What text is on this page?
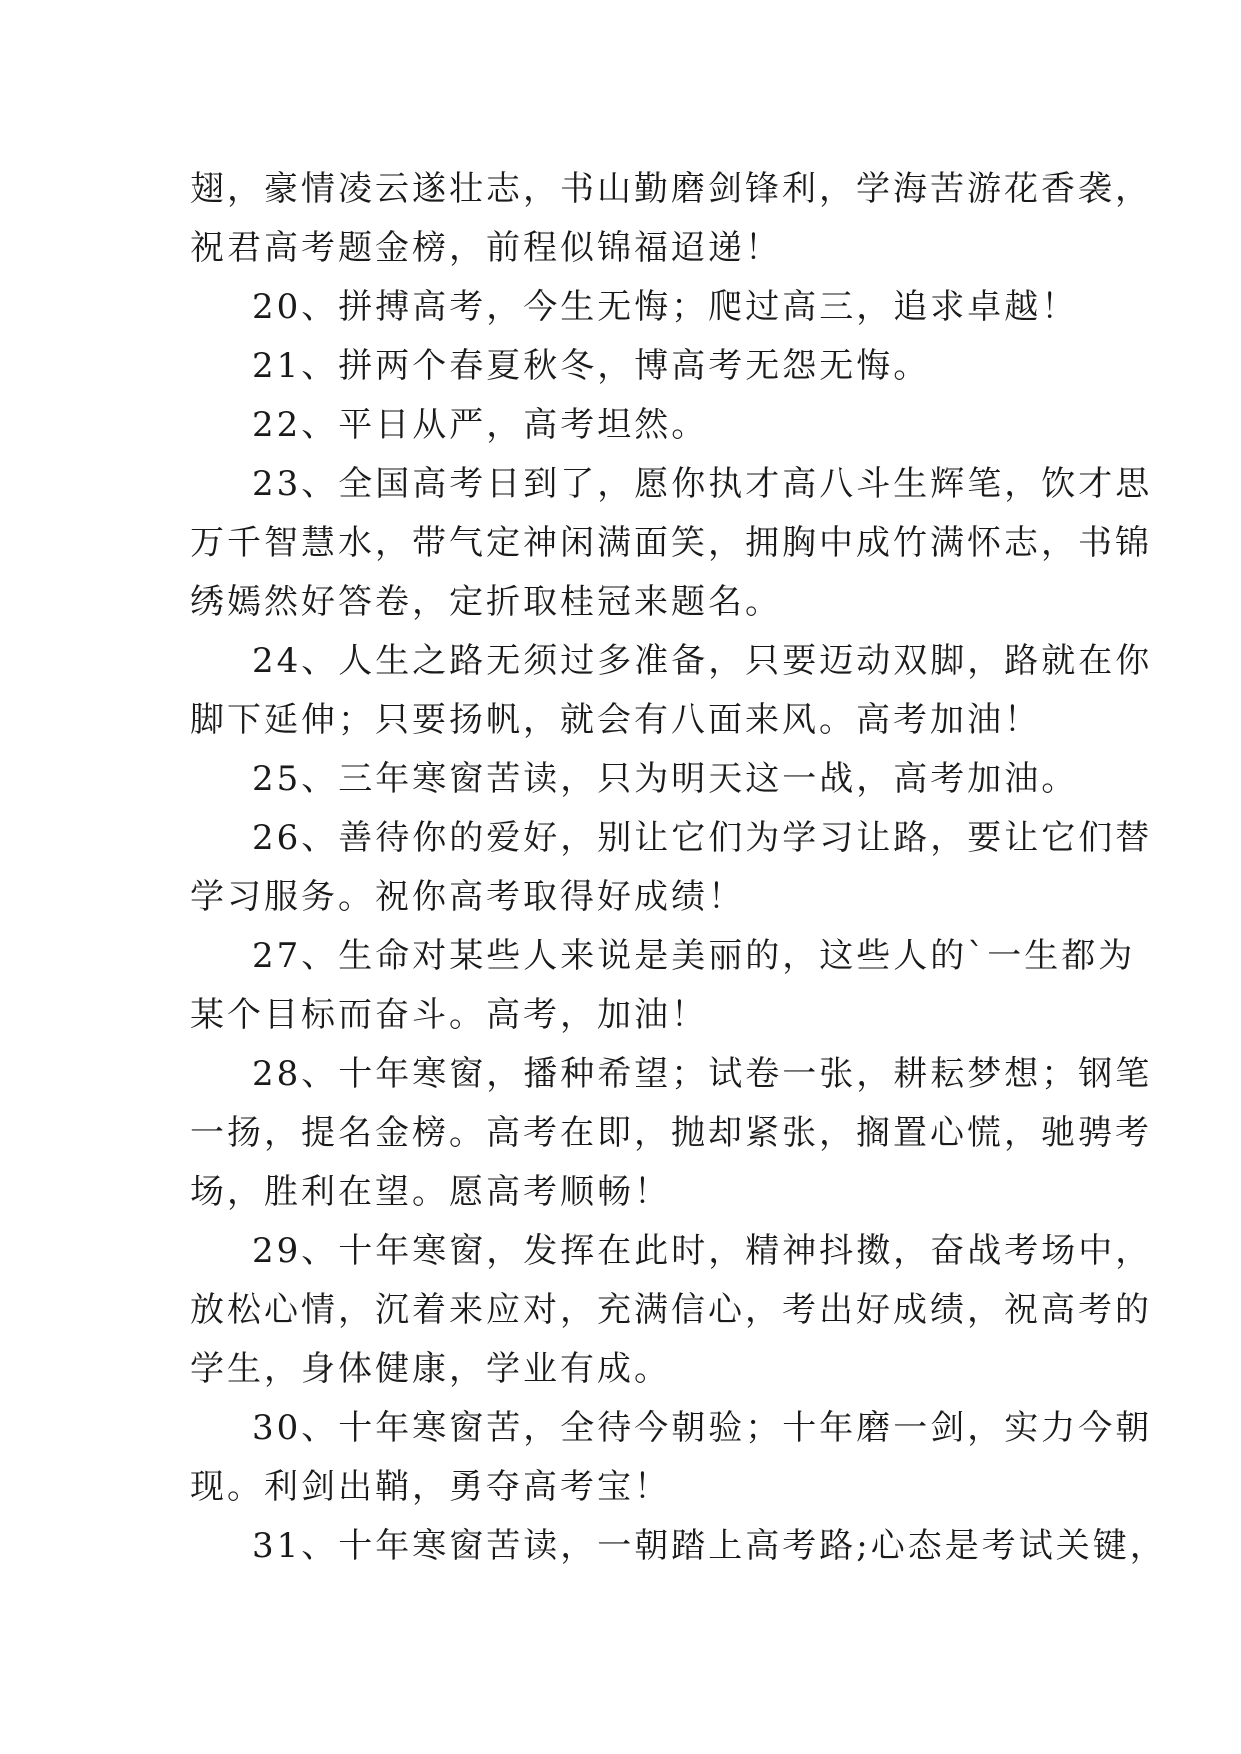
翅，豪情凌云遂壮志，书山勤磨剑锋利，学海苦游花香袭，
祝君高考题金榜，前程似锦福迢递！
20、拼搏高考，今生无悔；爬过高三，追求卓越！
21、拼两个春夏秋冬，博高考无怨无悔。
22、平日从严，高考坦然。
23、全国高考日到了，愿你执才高八斗生辉笔，饮才思
万千智慧水，带气定神闲满面笑，拥胸中成竹满怀志，书锦
绣嫣然好答卷，定折取桂冠来题名。
24、人生之路无须过多准备，只要迈动双脚，路就在你
脚下延伸；只要扬帆，就会有八面来风。高考加油！
25、三年寒窗苦读，只为明天这一战，高考加油。
26、善待你的爱好，别让它们为学习让路，要让它们替
学习服务。祝你高考取得好成绩！
27、生命对某些人来说是美丽的，这些人的`一生都为
某个目标而奋斗。高考，加油！
28、十年寒窗，播种希望；试卷一张，耕耘梦想；钢笔
一扬，提名金榜。高考在即，抛却紧张，搁置心慌，驰骋考
场，胜利在望。愿高考顺畅！
29、十年寒窗，发挥在此时，精神抖擞，奋战考场中，
放松心情，沉着来应对，充满信心，考出好成绩，祝高考的
学生，身体健康，学业有成。
30、十年寒窗苦，全待今朝验；十年磨一剑，实力今朝
现。利剑出鞘，勇夺高考宝！
31、十年寒窗苦读，一朝踏上高考路;心态是考试关键，
